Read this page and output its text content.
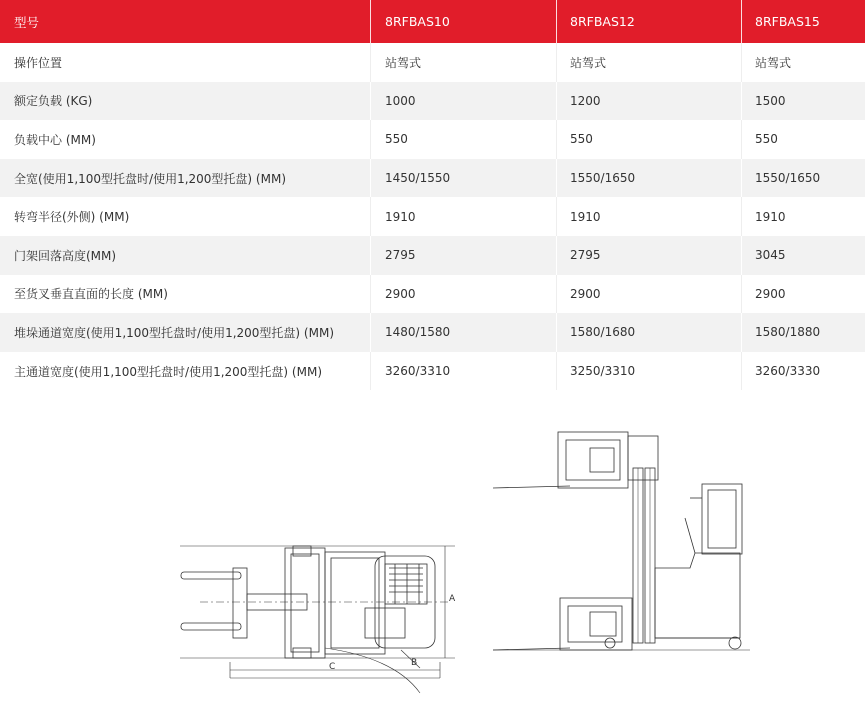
型号	8RFBAS10	8RFBAS12	8RFBAS15
操作位置	站驾式	站驾式	站驾式
额定负载 (KG)	1000	1200	1500
负载中心 (MM)	550	550	550
全宽(使用1,100型托盘时/使用1,200型托盘) (MM)	1450/1550	1550/1650	1550/1650
转弯半径(外侧) (MM)	1910	1910	1910
门架回落高度(MM)	2795	2795	3045
至货叉垂直直面的长度 (MM)	2900	2900	2900
堆垛通道宽度(使用1,100型托盘时/使用1,200型托盘) (MM)	1480/1580	1580/1680	1580/1880
主通道宽度(使用1,100型托盘时/使用1,200型托盘) (MM)	3260/3310	3250/3310	3260/3330
A
B
C
